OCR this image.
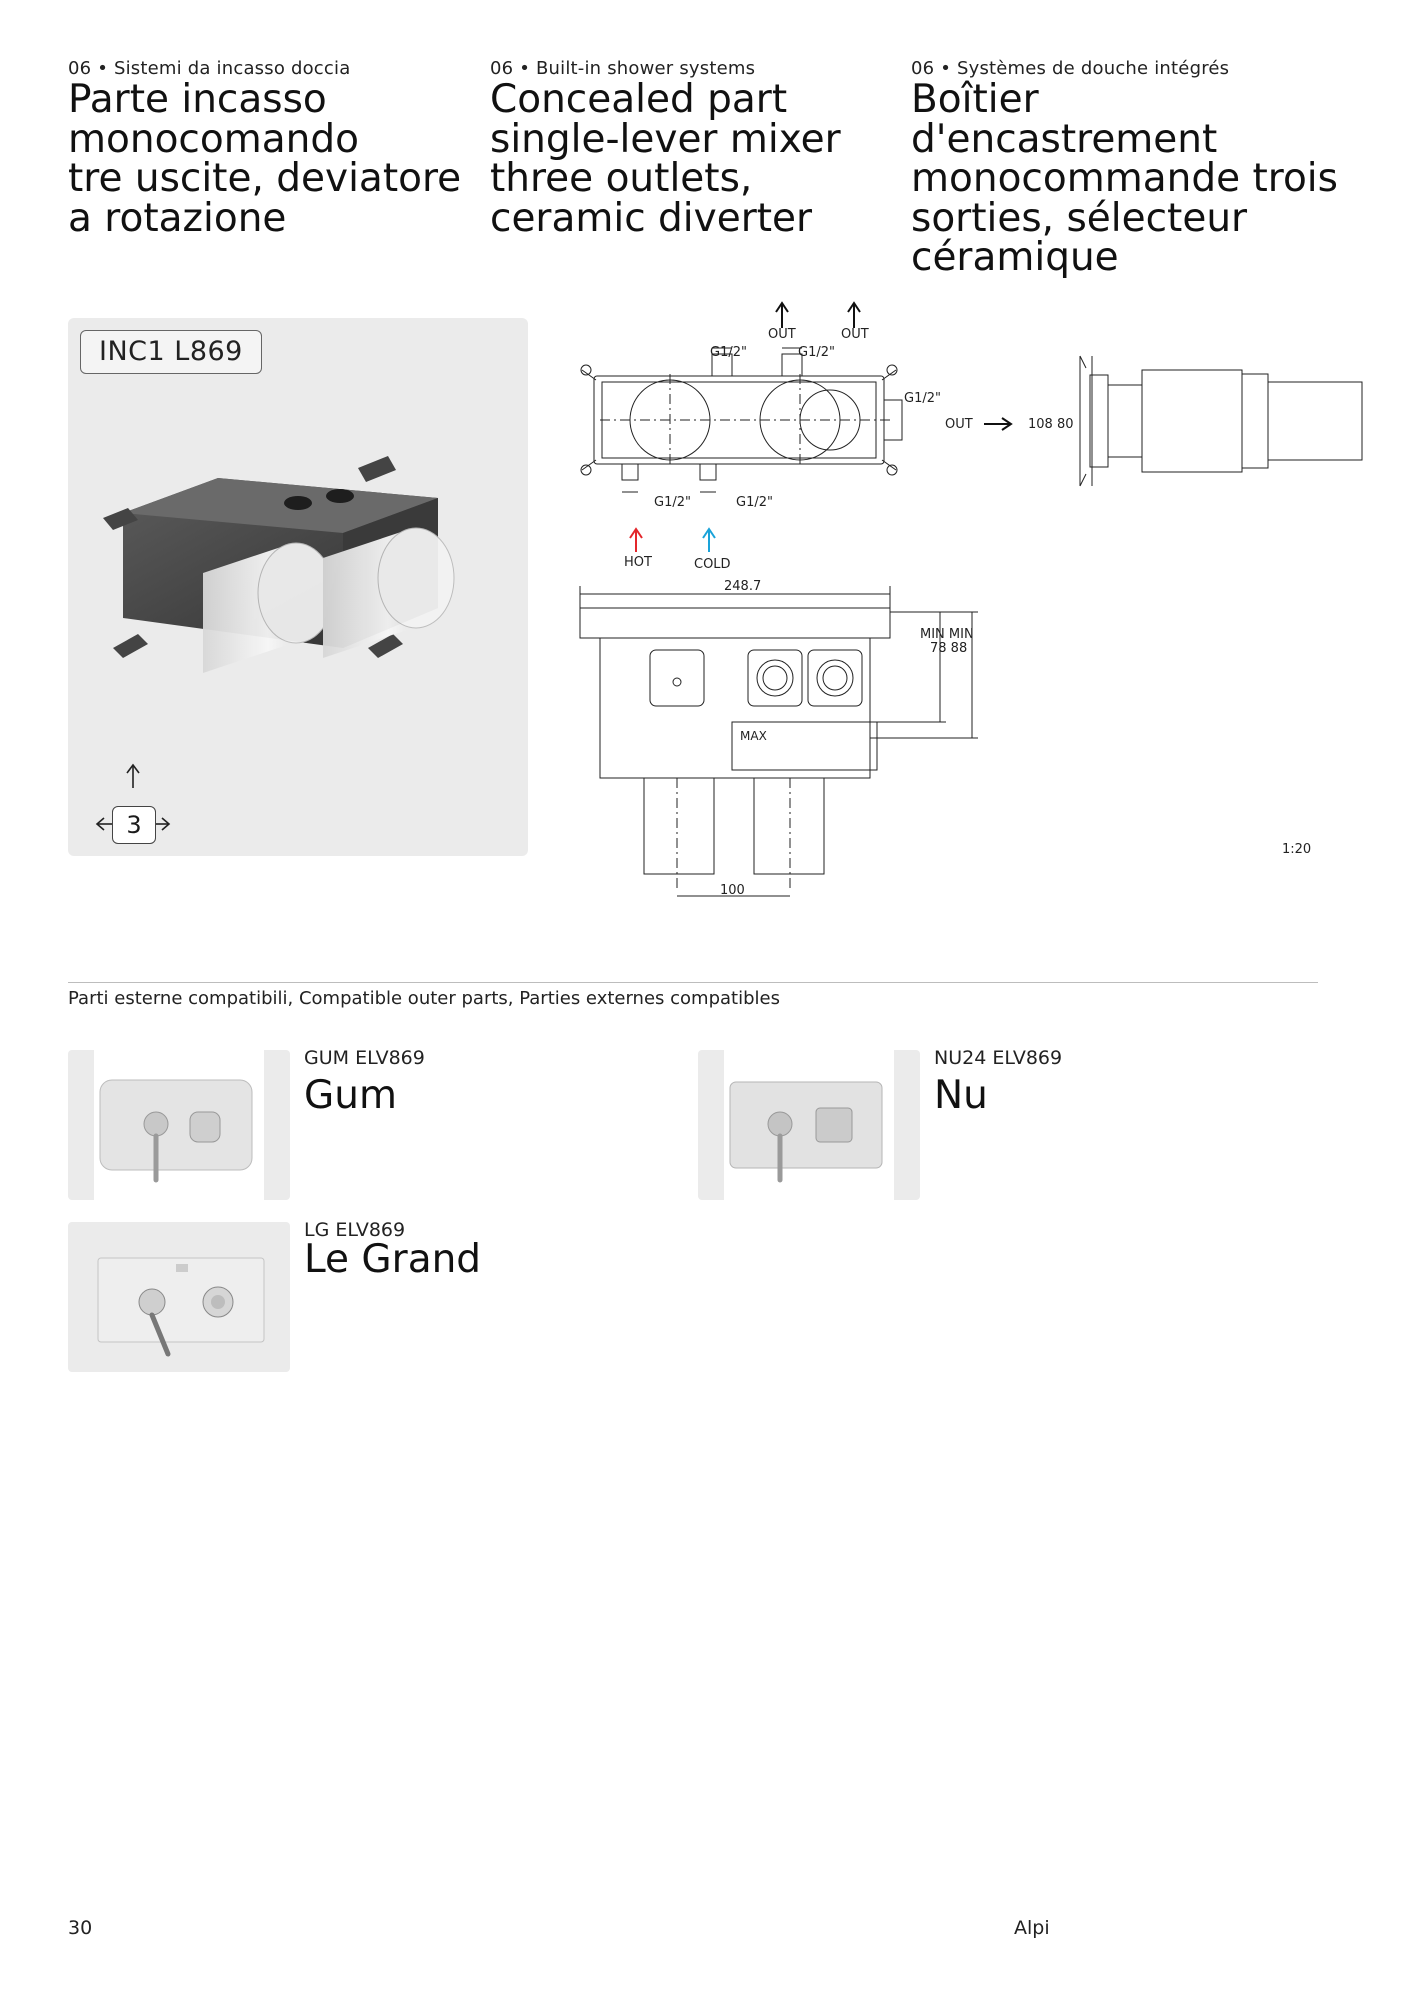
06 • Sistemi da incasso doccia
Parte incasso
monocomando
tre uscite, deviatore
a rotazione
06 • Built-in shower systems
Concealed part
single-lever mixer
three outlets,
ceramic diverter
06 • Systèmes de douche intégrés
Boîtier d'encastrement
monocommande trois
sorties, sélecteur
céramique
INC1 L869
3
OUT	OUT
G1/2"	G1/2"
G1/2"
OUT
G1/2"	G1/2"
HOT	COLD
248.7
108 80
MIN MIN
78 88
MAX
100
1:20
Parti esterne compatibili, Compatible outer parts, Parties externes compatibles
GUM ELV869
Gum
NU24 ELV869
Nu
LG ELV869
Le Grand
30	Alpi
